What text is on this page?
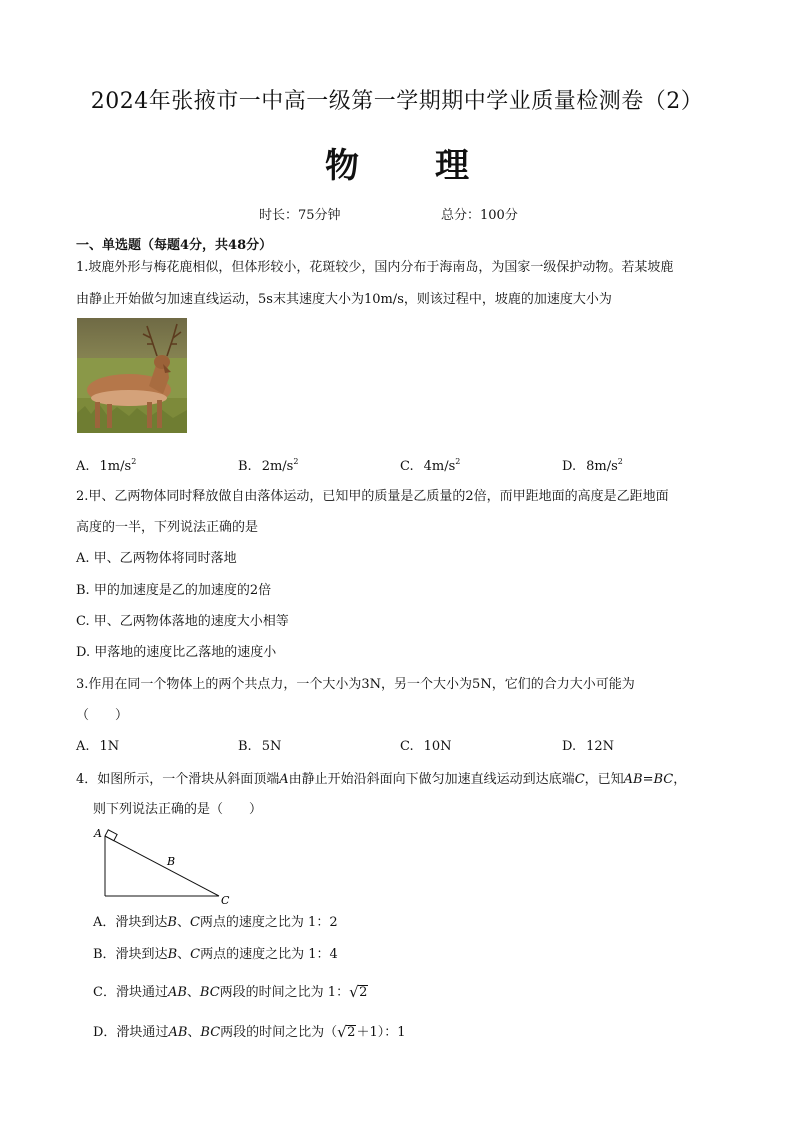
2024年张掖市一中高一级第一学期期中学业质量检测卷（2）
物 理
时长：75分钟	总分：100分
一、单选题（每题4分，共48分）
1.坡鹿外形与梅花鹿相似，但体形较小，花斑较少，国内分布于海南岛，为国家一级保护动物。若某坡鹿
由静止开始做匀加速直线运动，5s末其速度大小为10m/s，则该过程中，坡鹿的加速度大小为
A. $1m/s^2$	B. $2m/s^2$	C. $4m/s^2$	D. $8m/s^2$
2.甲、乙两物体同时释放做自由落体运动，已知甲的质量是乙质量的2倍，而甲距地面的高度是乙距地面
高度的一半，下列说法正确的是
A. 甲、乙两物体将同时落地
B. 甲的加速度是乙的加速度的2倍
C. 甲、乙两物体落地的速度大小相等
D. 甲落地的速度比乙落地的速度小
3.作用在同一个物体上的两个共点力，一个大小为3N，另一个大小为5N，它们的合力大小可能为
（　　）
A. 1N	B. 5N	C. 10N	D. 12N
4．如图所示，一个滑块从斜面顶端A由静止开始沿斜面向下做匀加速直线运动到达底端C，已知AB=BC，
则下列说法正确的是（　　）
A
B
C
A．滑块到达B、C两点的速度之比为 1：2
B．滑块到达B、C两点的速度之比为 1：4
C．滑块通过AB、BC两段的时间之比为 1： √ 2
D．滑块通过AB、BC两段的时间之比为（ √ 2＋1）：1
